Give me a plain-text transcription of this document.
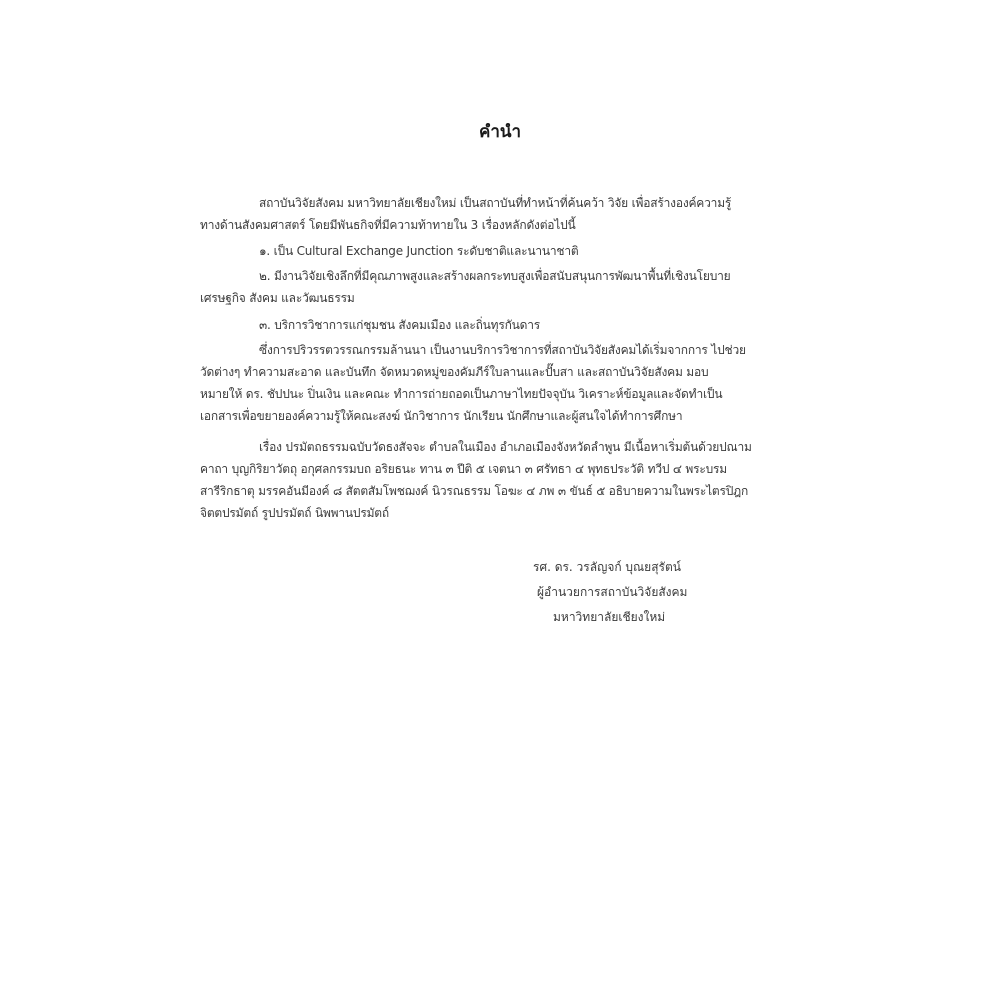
คำนำ
สถาบันวิจัยสังคม มหาวิทยาลัยเชียงใหม่ เป็นสถาบันที่ทำหน้าที่ค้นคว้า วิจัย เพื่อสร้างองค์ความรู้
ทางด้านสังคมศาสตร์ โดยมีพันธกิจที่มีความท้าทายใน 3 เรื่องหลักดังต่อไปนี้
๑. เป็น Cultural Exchange Junction ระดับชาติและนานาชาติ
๒. มีงานวิจัยเชิงลึกที่มีคุณภาพสูงและสร้างผลกระทบสูงเพื่อสนับสนุนการพัฒนาพื้นที่เชิงนโยบาย
เศรษฐกิจ สังคม และวัฒนธรรม
๓. บริการวิชาการแก่ชุมชน สังคมเมือง และถิ่นทุรกันดาร
ซึ่งการปริวรรตวรรณกรรมล้านนา เป็นงานบริการวิชาการที่สถาบันวิจัยสังคมได้เริ่มจากการ ไปช่วย
วัดต่างๆ ทำความสะอาด และบันทึก จัดหมวดหมู่ของคัมภีร์ใบลานและปั๊บสา และสถาบันวิจัยสังคม มอบ
หมายให้ ดร. ชัปปนะ ปิ่นเงิน และคณะ ทำการถ่ายถอดเป็นภาษาไทยปัจจุบัน วิเคราะห์ข้อมูลและจัดทำเป็น
เอกสารเพื่อขยายองค์ความรู้ให้คณะสงฆ์ นักวิชาการ นักเรียน นักศึกษาและผู้สนใจได้ทำการศึกษา
เรื่อง ปรมัตถธรรมฉบับวัดธงสัจจะ ตำบลในเมือง อำเภอเมืองจังหวัดลำพูน มีเนื้อหาเริ่มต้นด้วยปณาม
คาถา บุญกิริยาวัตถุ อกุศลกรรมบถ อริยธนะ ทาน ๓ ปีติ ๕ เจตนา ๓ ศรัทธา ๔ พุทธประวัติ ทวีป ๔ พระบรม
สารีริกธาตุ มรรคอันมีองค์ ๘ สัตตสัมโพชฌงค์ นิวรณธรรม โอฆะ ๔ ภพ ๓ ขันธ์ ๕ อธิบายความในพระไตรปิฎก
จิตตปรมัตถ์ รูปปรมัตถ์ นิพพานปรมัตถ์
รศ. ดร. วรลัญจก์ บุณยสุรัตน์
ผู้อำนวยการสถาบันวิจัยสังคม
มหาวิทยาลัยเชียงใหม่
